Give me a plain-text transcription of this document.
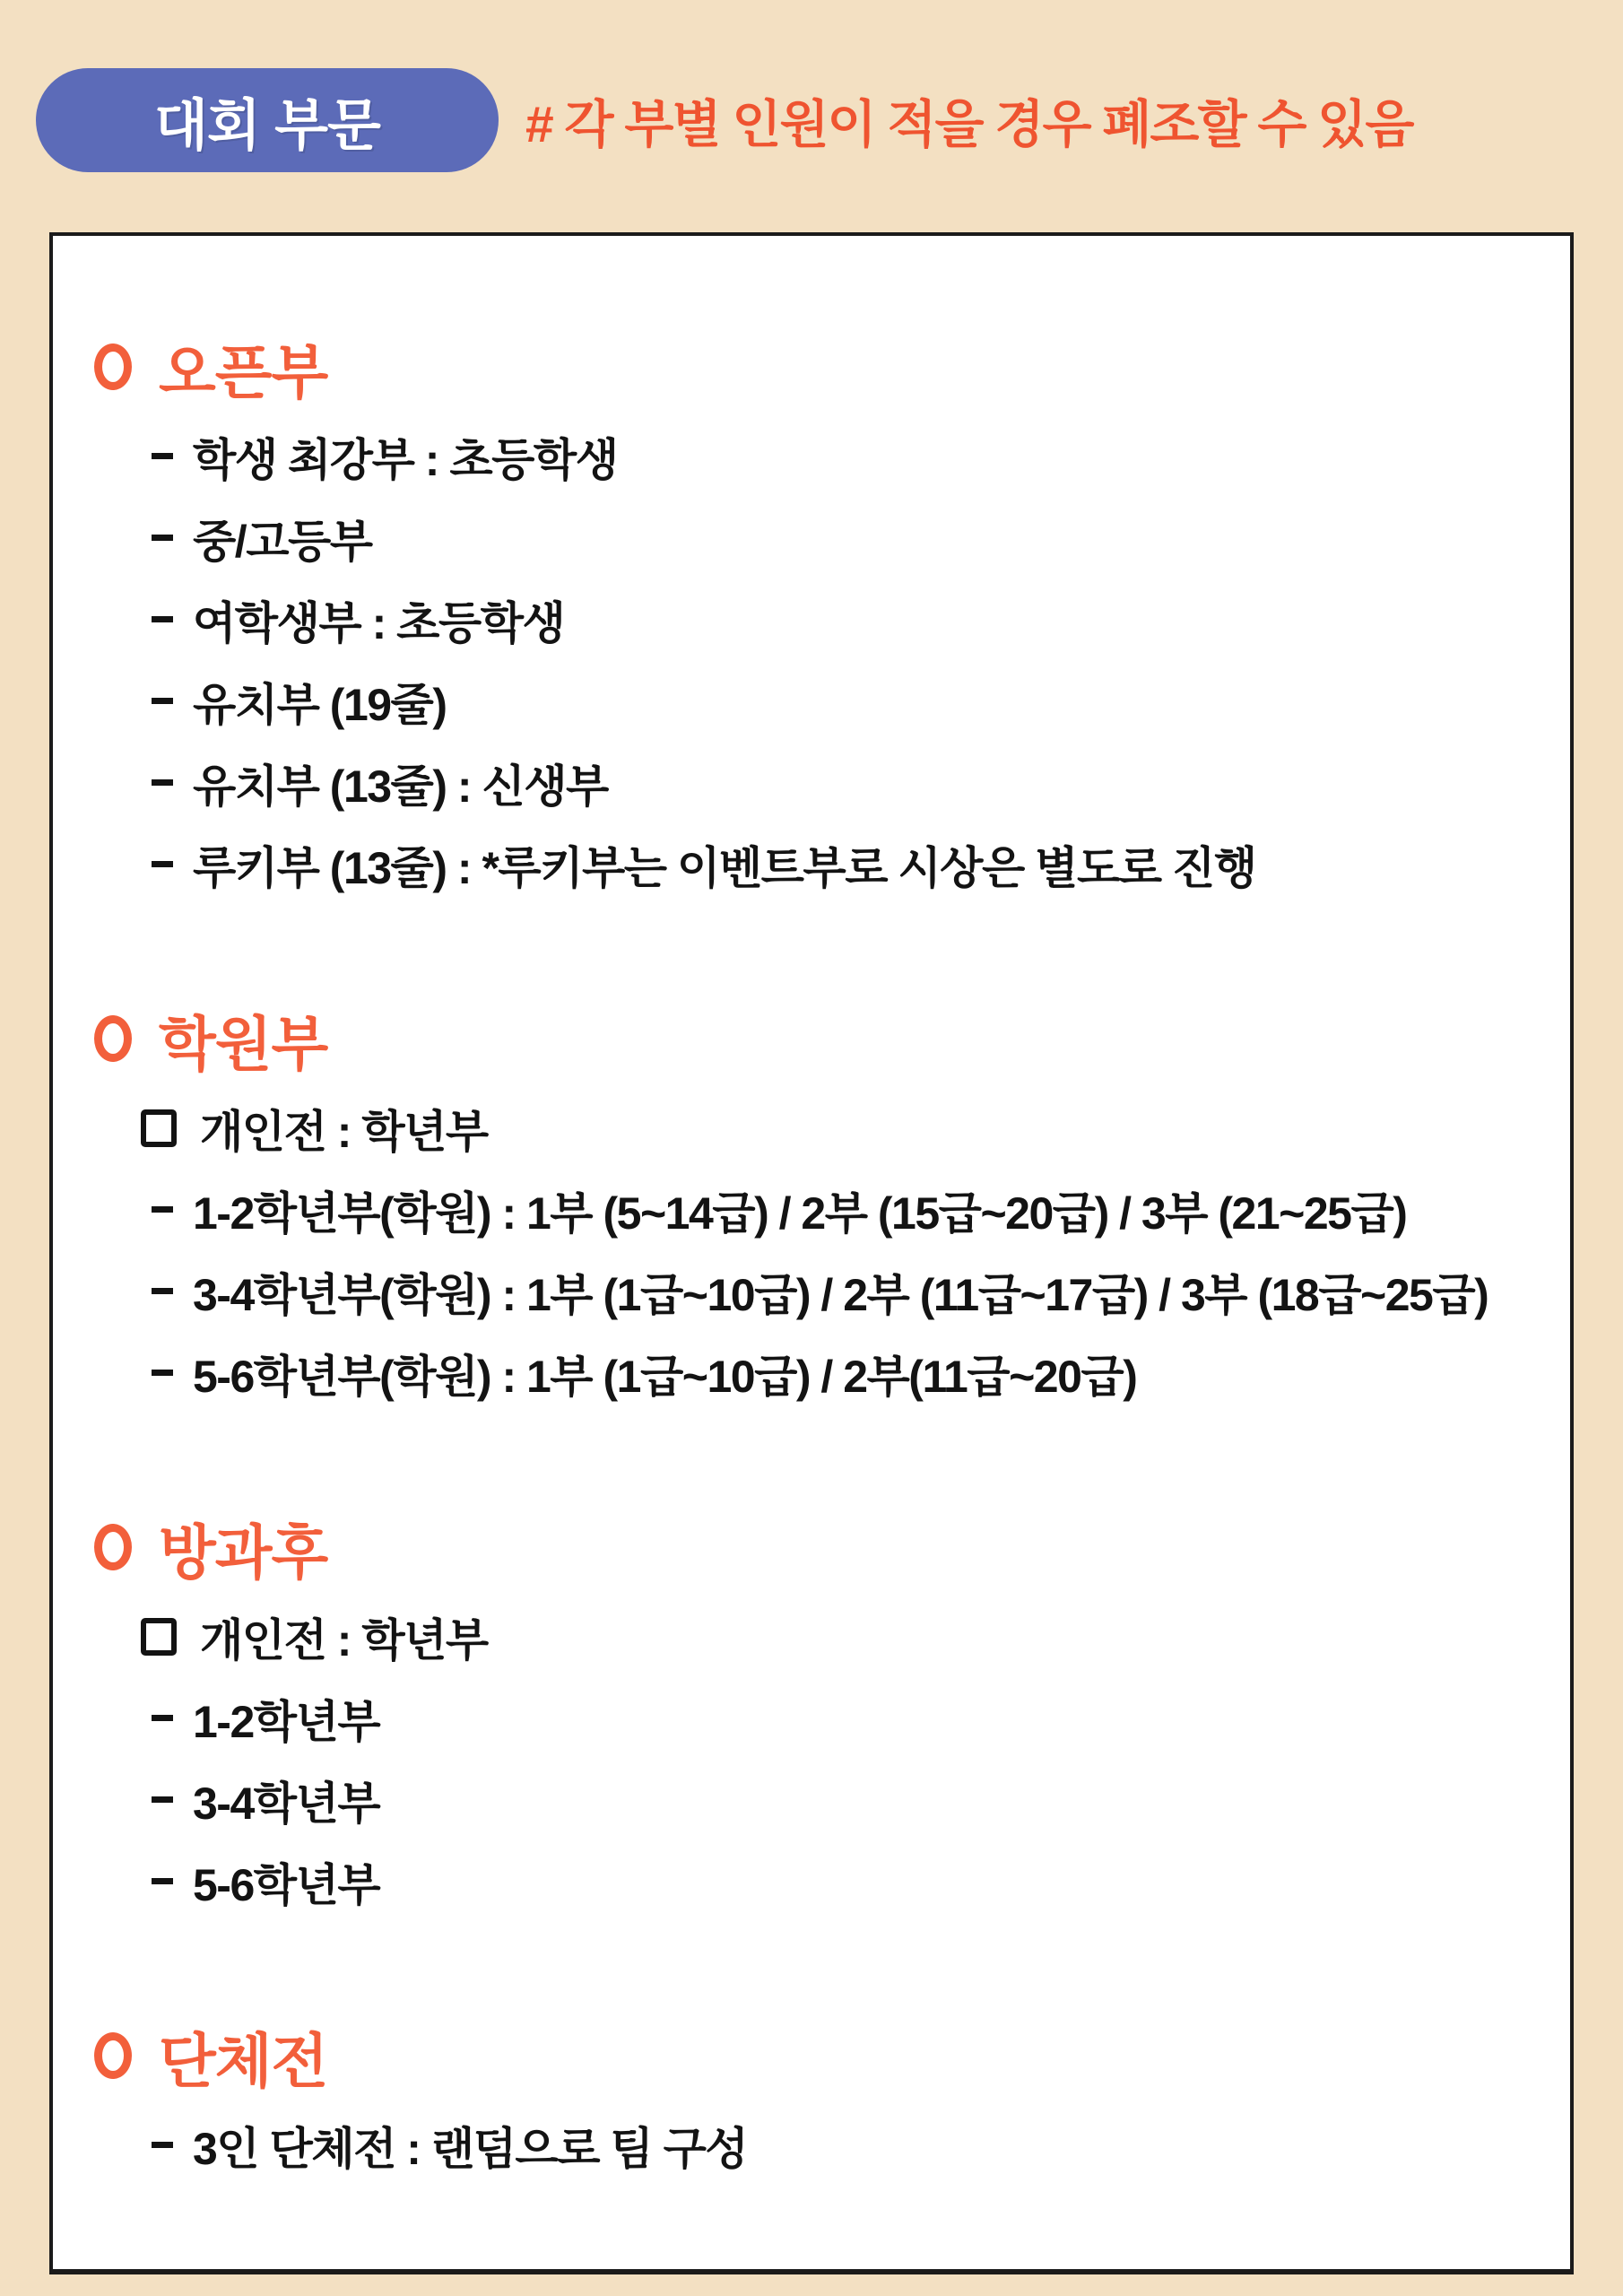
대회 부문	# 각 부별 인원이 적을 경우 폐조할 수 있음
오픈부
학생 최강부 : 초등학생
중/고등부
여학생부 : 초등학생
유치부 (19줄)
유치부 (13줄) : 신생부
루키부 (13줄) : *루키부는 이벤트부로 시상은 별도로 진행
학원부
개인전 : 학년부
1-2학년부(학원) : 1부 (5~14급) / 2부 (15급~20급) / 3부 (21~25급)
3-4학년부(학원) : 1부 (1급~10급) / 2부 (11급~17급) / 3부 (18급~25급)
5-6학년부(학원) : 1부 (1급~10급) / 2부(11급~20급)
방과후
개인전 : 학년부
1-2학년부
3-4학년부
5-6학년부
단체전
3인 단체전 : 랜덤으로 팀 구성
